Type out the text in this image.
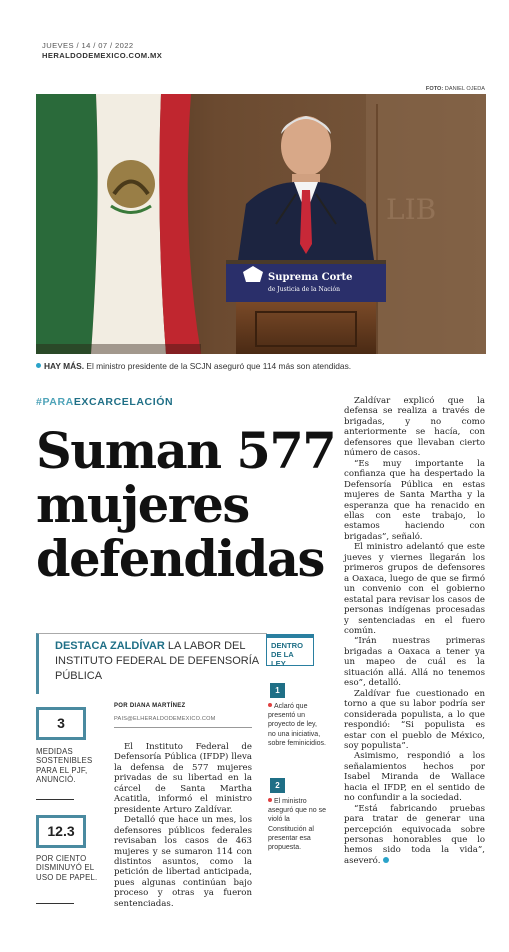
JUEVES / 14 / 07 / 2022
HERALDODEMEXICO.COM.MX
FOTO: DANIEL OJEDA
LIB
Suprema Corte
de Justicia de la Nación
HAY MÁS. El ministro presidente de la SCJN aseguró que 114 más son atendidas.
#PARAEXCARCELACIÓN
Suman 577
mujeres
defendidas
DESTACA ZALDÍVAR LA LABOR DEL INSTITUTO FEDERAL DE DEFENSORÍA PÚBLICA
3
MEDIDAS SOSTENIBLES PARA EL PJF, ANUNCIÓ.
12.3
POR CIENTO DISMINUYÓ EL USO DE PAPEL.
POR DIANA MARTÍNEZ
PAIS@ELHERALDODEMEXICO.COM

El Instituto Federal de Defensoría Pública (IFDP) lleva la defensa de 577 mujeres privadas de su libertad en la cárcel de Santa Martha Acatitla, informó el ministro presidente Arturo Zaldívar.

Detalló que hace un mes, los defensores públicos federales revisaban los casos de 463 mujeres y se sumaron 114 con distintos asuntos, como la petición de libertad anticipada, pues algunas continúan bajo proceso y otras ya fueron sentenciadas.

DENTRO DE LA LEY
1
Aclaró que presentó un proyecto de ley, no una iniciativa, sobre feminicidios.
2
El ministro aseguró que no se violó la Constitución al presentar esa propuesta.

Zaldívar explicó que la defensa se realiza a través de brigadas, y no como anteriormente se hacía, con defensores que llevaban cierto número de casos.

“Es muy importante la confianza que ha despertado la Defensoría Pública en estas mujeres de Santa Martha y la esperanza que ha renacido en ellas con este trabajo, lo estamos haciendo con brigadas”, señaló.

El ministro adelantó que este jueves y viernes llegarán los primeros grupos de defensores a Oaxaca, luego de que se firmó un convenio con el gobierno estatal para revisar los casos de personas indígenas procesadas y sentenciadas en el fuero común.

“Irán nuestras primeras brigadas a Oaxaca a tener ya un mapeo de cuál es la situación allá. Allá no tenemos eso”, detalló.

Zaldívar fue cuestionado en torno a que su labor podría ser considerada populista, a lo que respondió: “Si populista es estar con el pueblo de México, soy populista”.

Asimismo, respondió a los señalamientos hechos por Isabel Miranda de Wallace hacia el IFDP, en el sentido de no confundir a la sociedad.

“Está fabricando pruebas para tratar de generar una percepción equivocada sobre personas honorables que lo hemos sido toda la vida”, aseveró.
